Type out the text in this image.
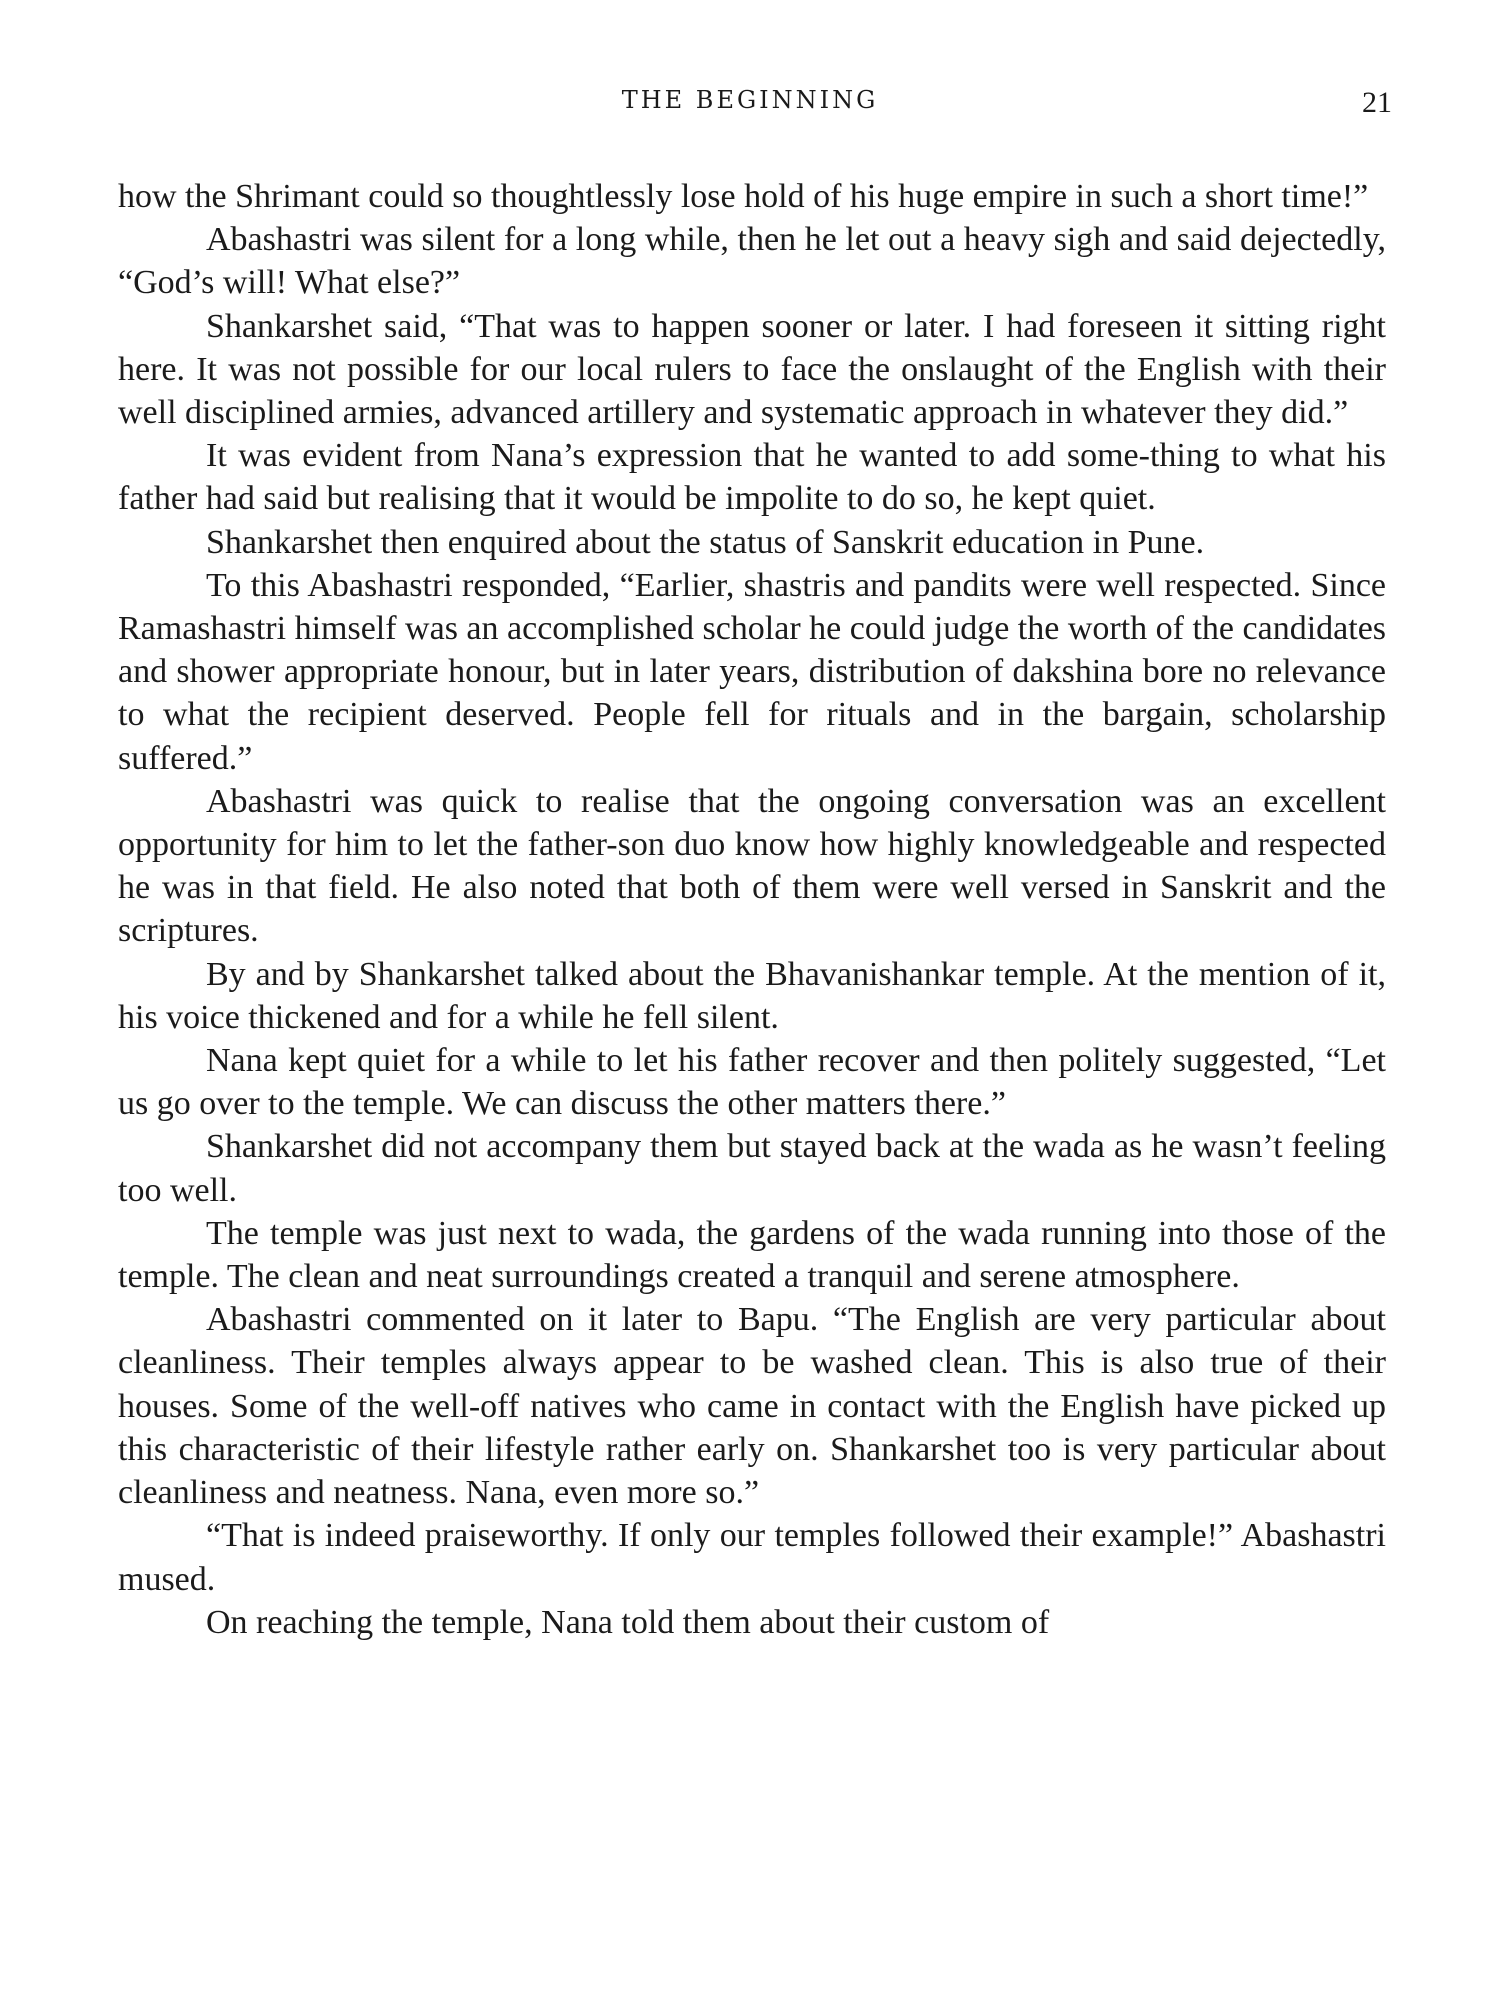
THE BEGINNING	21

how the Shrimant could so thoughtlessly lose hold of his huge empire in such a short time!”

Abashastri was silent for a long while, then he let out a heavy sigh and said dejectedly, “God’s will! What else?”

Shankarshet said, “That was to happen sooner or later. I had foreseen it sitting right here. It was not possible for our local rulers to face the onslaught of the English with their well disciplined armies, advanced artillery and systematic approach in whatever they did.”

It was evident from Nana’s expression that he wanted to add some-thing to what his father had said but realising that it would be impolite to do so, he kept quiet.

Shankarshet then enquired about the status of Sanskrit education in Pune.

To this Abashastri responded, “Earlier, shastris and pandits were well respected. Since Ramashastri himself was an accomplished scholar he could judge the worth of the candidates and shower appropriate honour, but in later years, distribution of dakshina bore no relevance to what the recipient deserved. People fell for rituals and in the bargain, scholarship suffered.”

Abashastri was quick to realise that the ongoing conversation was an excellent opportunity for him to let the father-son duo know how highly knowledgeable and respected he was in that field. He also noted that both of them were well versed in Sanskrit and the scriptures.

By and by Shankarshet talked about the Bhavanishankar temple. At the mention of it, his voice thickened and for a while he fell silent.

Nana kept quiet for a while to let his father recover and then politely suggested, “Let us go over to the temple. We can discuss the other matters there.”

Shankarshet did not accompany them but stayed back at the wada as he wasn’t feeling too well.

The temple was just next to wada, the gardens of the wada running into those of the temple. The clean and neat surroundings created a tranquil and serene atmosphere.

Abashastri commented on it later to Bapu. “The English are very particular about cleanliness. Their temples always appear to be washed clean. This is also true of their houses. Some of the well-off natives who came in contact with the English have picked up this characteristic of their lifestyle rather early on. Shankarshet too is very particular about cleanliness and neatness. Nana, even more so.”

“That is indeed praiseworthy. If only our temples followed their example!” Abashastri mused.

On reaching the temple, Nana told them about their custom of
